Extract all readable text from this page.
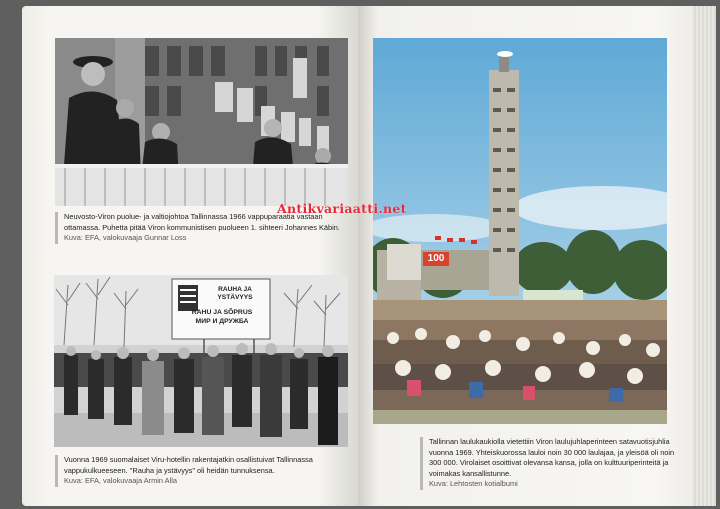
Neuvosto-Viron puolue- ja valtiojohtoa Tallinnassa 1966 vappuparaatia vastaan ottamassa. Puhetta pitää Viron kommunistisen puolueen 1. sihteeri Johannes Käbin.
Kuva: EFA, valokuvaaja Gunnar Loss
RAUHA JA
YSTÄVYYS
RAHU JA SÕPRUS
МИР И ДРУЖБА
Vuonna 1969 suomalaiset Viru-hotellin rakentajatkin osallistuivat Tallinnassa vappukulkueeseen. "Rauha ja ystävyys" oli heidän tunnuksensa.
Kuva: EFA, valokuvaaja Armin Alla
100
Tallinnan laulukaukiolla vietettiin Viron laulujuhlaperinteen satavuotisjuhlia vuonna 1969. Yhteiskuorossa lauloi noin 30 000 laulajaa, ja yleisöä oli noin 300 000. Virolaiset osoittivat olevansa kansa, jolla on kulttuuriperinteitä ja voimakas kansallistunne.
Kuva: Lehtosten kotialbumi
Antikvariaatti.net
